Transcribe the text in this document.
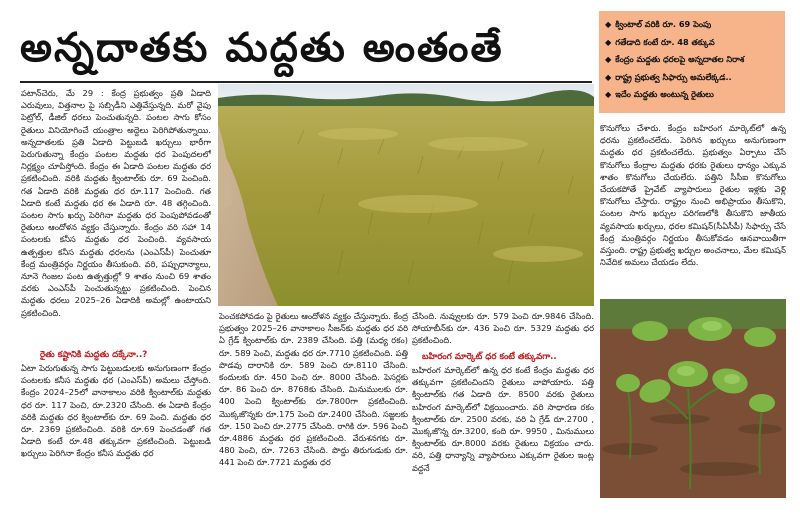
అన్నదాతకు మద్దతు అంతంతే
◆ క్వింటాల్ వరికి రూ. 69 పెంపు
◆ గతేడాది కంటే రూ. 48 తక్కువ
◆ కేంద్రం మద్దతు ధరలపై అన్నదాతల నిరాశ
◆ రాష్ట్ర ప్రభుత్వ సిఫార్సు అమలేక్కడ..
◆ ఇదేం మద్దతు అంటున్న రైతులు

పటాన్‌చెరు, మే 29 : కేంద్ర ప్రభుత్వం ప్రతి ఏడాది ఎరువులు, విత్తనాల పై సబ్సిడీని ఎత్తివేస్తున్నది. మరో వైపు పెట్రోల్, డీజిల్ ధరలు పెంచుతున్నది. పంటల సాగు కోసం రైతులు వినియోగించే యంత్రాల అద్దెలు పెరిగిపోతున్నాయి. అన్నదాతలకు ప్రతి ఏడాది పెట్టుబడి ఖర్చులు భారీగా పెరుగుతున్నా కేంద్రం పంటల మద్దతు ధర పెంపుదలలో నిర్లక్ష్యం చూపిస్తోంది. కేంద్రం ఈ ఏడాది పంటల మద్దతు ధర ప్రకటించింది. వరికి మద్దతు క్వింటాల్‌కు రూ. 69 పెంచింది. గత ఏడాది వరికి మద్దతు ధర రూ.117 పెంచింది. గత ఏడాది కంటే మద్దతు ధర ఈ ఏడాది రూ. 48 తగ్గించింది. పంటల సాగు ఖర్చు పెరిగినా మద్దతు ధర పెంపుపోవడంతో రైతులు ఆందోళన వ్యక్తం చేస్తున్నారు. కేంద్రం వరి సహా 14 పంటలకు కనీస మద్దతు ధర పెంచింది. వ్యవసాయ ఉత్పత్తుల కనీస మద్దతు ధరలను (ఎంఎస్‌పీ) పెంచుతూ కేంద్ర మంత్రివర్గం నిర్ణయం తీసుకుంది. వరి, పప్పుధాన్యాలు, నూనె గింజల పంట ఉత్పత్తుల్లో 9 శాతం నుంచి 69 శాతం వరకు ఎంఎస్‌పీ పెంచుతున్నట్టు ప్రకటించింది. పెంచిన మద్దతు ధరలు 2025–26 ఏడాదికి అమల్లో ఉంటాయని ప్రకటించింది.

రైతు కష్టానికి మద్దతు దక్కేనా..?

ఏటా పెరుగుతున్న సాగు పెట్టుబడులకు అనుగుణంగా కేంద్రం పంటలకు కనీస మద్దతు ధర (ఎంఎస్‌పీ) అమలు చేస్తోంది. కేంద్రం 2024–25లో వానాకాలం వరికి క్వింటాల్‌కు మద్దతు ధర రూ. 117 పెంచి, రూ.2320 చేసింది. ఈ ఏడాది కేంద్రం వరికి మద్దతు ధర క్వింటాల్‌కు రూ. 69 పెంచి. మద్దతు ధర రూ. 2369 ప్రకటించింది. వరికి రూ.69 పెంచడంతో గత ఏడాది కంటే రూ.48 తక్కువగా ప్రకటించింది. పెట్టుబడి ఖర్చులు పెరిగినా కేంద్రం కనీస మద్దతు ధర

పెంచకపోవడం పై రైతులు ఆందోళన వ్యక్తం చేస్తున్నారు. కేంద్ర ప్రభుత్వం 2025–26 వానాకాలం సీజన్‌కు మద్దతు ధర వరి ఏ గ్రేడ్ క్వింటాల్‌కు రూ. 2389 చేసింది. పత్తి (మధ్య రకం) రూ. 589 పెంచి, మద్దతు ధర రూ.7710 ప్రకటించింది. పత్తి పొడవు దారానికి రూ. 589 పెంచి రూ.8110 చేసింది. కందులకు రూ. 450 పెంచి రూ. 8000 చేసింది. పెసర్లకు రూ. 86 పెంచి రూ. 8768కు చేసింది. మినుములకు రూ. 400 పెంచి క్వింటాల్‌కు రూ.7800గా ప్రకటించింది. మొక్కజొన్నకు రూ.175 పెంచి రూ.2400 చేసింది. సజ్జలకు రూ. 150 పెంచి రూ.2775 చేసింది. రాగికి రూ. 596 పెంచి రూ.4886 మద్దతు ధర ప్రకటించింది. వేరుశనగకు రూ. 480 పెంచి, రూ. 7263 చేసింది. పొద్దు తిరుగుడుకు రూ. 441 పెంచి రూ.7721 మద్దతు ధర

చేసింది. నువ్వులకు రూ. 579 పెంచి రూ.9846 చేసింది. సోయాబీన్‌కు రూ. 436 పెంచి రూ. 5329 మద్దతు ధర ప్రకటించింది.

బహిరంగ మార్కెట్ ధర కంటే తక్కువగా..

బహిరంగ మార్కెట్‌లో ఉన్న ధర కంటే కేంద్రం మద్దతు ధర తక్కువగా ప్రకటించిందని రైతులు వాపోయారు. పత్తి క్వింటాల్‌కు గత ఏడాది రూ. 8500 వరకు రైతులు బహిరంగ మార్కెట్‌లో విక్రయించారు. వరి సాధారణ రకం క్వింటాల్‌కు రూ. 2500 వరకు, వరి ఏ గ్రేడ్ రూ.2700 , మొక్కజొన్న రూ.3200, కంది రూ. 9950 , మినుములు క్వింటాల్‌కు రూ.8000 వరకు రైతులు విక్రయం చారు. వరి, పత్తి ధాన్యాన్ని వ్యాపారులు ఎక్కువగా రైతుల ఇంట్ల వద్దనే

కొనుగోలు చేశారు. కేంద్రం బహిరంగ మార్కెట్‌లో ఉన్న ధరను ప్రకటించలేదు. పెరిగిన ఖర్చులు అనుగుణంగా మద్దతు ధర ప్రకటించలేదు. ప్రభుత్వం ఏర్పాటు చేసే కొనుగోలు కేంద్రాల మద్దతు ధరకు రైతులు ధాన్యం ఎక్కువ శాతం కొనుగోలు చేయలేరు. పత్తిని సీసీఐ కొనుగోలు చేయకపోతే ప్రైవేట్ వ్యాపారులు రైతుల ఇళ్లకు వెళ్లి కొనుగోలు చేస్తారు. రాష్ట్రం నుంచి అభిప్రాయం తీసుకొని, పంటల సాగు ఖర్చుల పరిగణలోకి తీసుకొని జాతీయ వ్యవసాయ ఖర్చులు, ధరల కమిషన్(సీఏసీపీ) సిఫార్సు చేసే కేంద్ర మంత్రివర్గం నిర్ణయం తీసుకోవడం ఆనవాయితీగా వస్తుంది. రాష్ట్ర ప్రభుత్వ ఖర్చుల అంచనాలు, మేల కమిషన్ నివేదిక అమలు చేయడం లేదు.
